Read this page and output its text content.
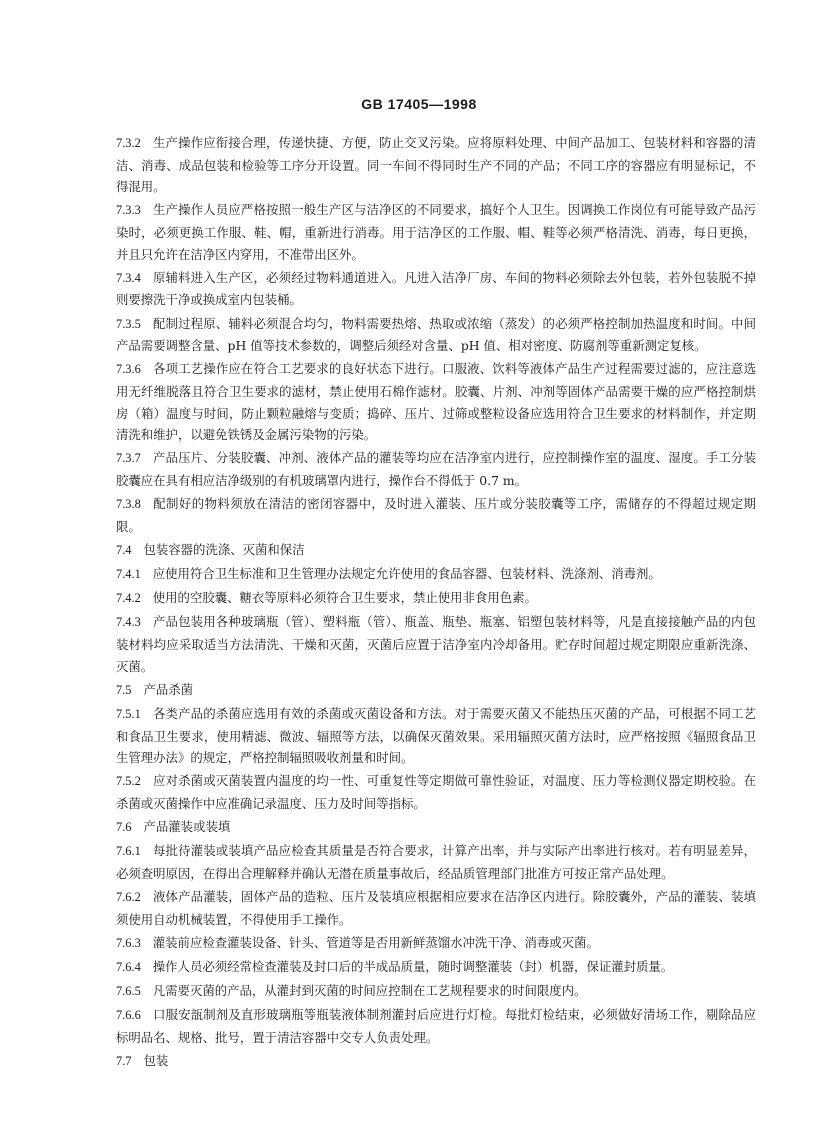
GB 17405—1998

7.3.2 生产操作应衔接合理，传递快捷、方便，防止交叉污染。应将原料处理、中间产品加工、包装材料和容器的清洁、消毒、成品包装和检验等工序分开设置。同一车间不得同时生产不同的产品；不同工序的容器应有明显标记，不得混用。

7.3.3 生产操作人员应严格按照一般生产区与洁净区的不同要求，搞好个人卫生。因调换工作岗位有可能导致产品污染时，必须更换工作服、鞋、帽，重新进行消毒。用于洁净区的工作服、帽、鞋等必须严格清洗、消毒，每日更换，并且只允许在洁净区内穿用，不准带出区外。

7.3.4 原辅料进入生产区，必须经过物料通道进入。凡进入洁净厂房、车间的物料必须除去外包装，若外包装脱不掉则要擦洗干净或换成室内包装桶。

7.3.5 配制过程原、辅料必须混合均匀，物料需要热熔、热取或浓缩（蒸发）的必须严格控制加热温度和时间。中间产品需要调整含量、pH 值等技术参数的，调整后须经对含量、pH 值、相对密度、防腐剂等重新测定复核。

7.3.6 各项工艺操作应在符合工艺要求的良好状态下进行。口服液、饮料等液体产品生产过程需要过滤的，应注意选用无纤维脱落且符合卫生要求的滤材，禁止使用石棉作滤材。胶囊、片剂、冲剂等固体产品需要干燥的应严格控制烘房（箱）温度与时间，防止颗粒融熔与变质；捣碎、压片、过筛或整粒设备应选用符合卫生要求的材料制作，并定期清洗和维护，以避免铁锈及金属污染物的污染。

7.3.7 产品压片、分装胶囊、冲剂、液体产品的灌装等均应在洁净室内进行，应控制操作室的温度、湿度。手工分装胶囊应在具有相应洁净级别的有机玻璃罩内进行，操作台不得低于 0.7 m。

7.3.8 配制好的物料须放在清洁的密闭容器中，及时进入灌装、压片或分装胶囊等工序，需储存的不得超过规定期限。

7.4 包装容器的洗涤、灭菌和保洁

7.4.1 应使用符合卫生标准和卫生管理办法规定允许使用的食品容器、包装材料、洗涤剂、消毒剂。

7.4.2 使用的空胶囊、糖衣等原料必须符合卫生要求，禁止使用非食用色素。

7.4.3 产品包装用各种玻璃瓶（管）、塑料瓶（管）、瓶盖、瓶垫、瓶塞、铝塑包装材料等，凡是直接接触产品的内包装材料均应采取适当方法清洗、干燥和灭菌，灭菌后应置于洁净室内冷却备用。贮存时间超过规定期限应重新洗涤、灭菌。

7.5 产品杀菌

7.5.1 各类产品的杀菌应选用有效的杀菌或灭菌设备和方法。对于需要灭菌又不能热压灭菌的产品，可根据不同工艺和食品卫生要求，使用精滤、微波、辐照等方法，以确保灭菌效果。采用辐照灭菌方法时，应严格按照《辐照食品卫生管理办法》的规定，严格控制辐照吸收剂量和时间。

7.5.2 应对杀菌或灭菌装置内温度的均一性、可重复性等定期做可靠性验证，对温度、压力等检测仪器定期校验。在杀菌或灭菌操作中应准确记录温度、压力及时间等指标。

7.6 产品灌装或装填

7.6.1 每批待灌装或装填产品应检查其质量是否符合要求，计算产出率，并与实际产出率进行核对。若有明显差异，必须查明原因，在得出合理解释并确认无潜在质量事故后，经品质管理部门批准方可按正常产品处理。

7.6.2 液体产品灌装，固体产品的造粒、压片及装填应根据相应要求在洁净区内进行。除胶囊外，产品的灌装、装填须使用自动机械装置，不得使用手工操作。

7.6.3 灌装前应检查灌装设备、针头、管道等是否用新鲜蒸馏水冲洗干净、消毒或灭菌。

7.6.4 操作人员必须经常检查灌装及封口后的半成品质量，随时调整灌装（封）机器，保证灌封质量。

7.6.5 凡需要灭菌的产品，从灌封到灭菌的时间应控制在工艺规程要求的时间限度内。

7.6.6 口服安瓿制剂及直形玻璃瓶等瓶装液体制剂灌封后应进行灯检。每批灯检结束，必须做好清场工作，剔除品应标明品名、规格、批号，置于清洁容器中交专人负责处理。

7.7 包装
